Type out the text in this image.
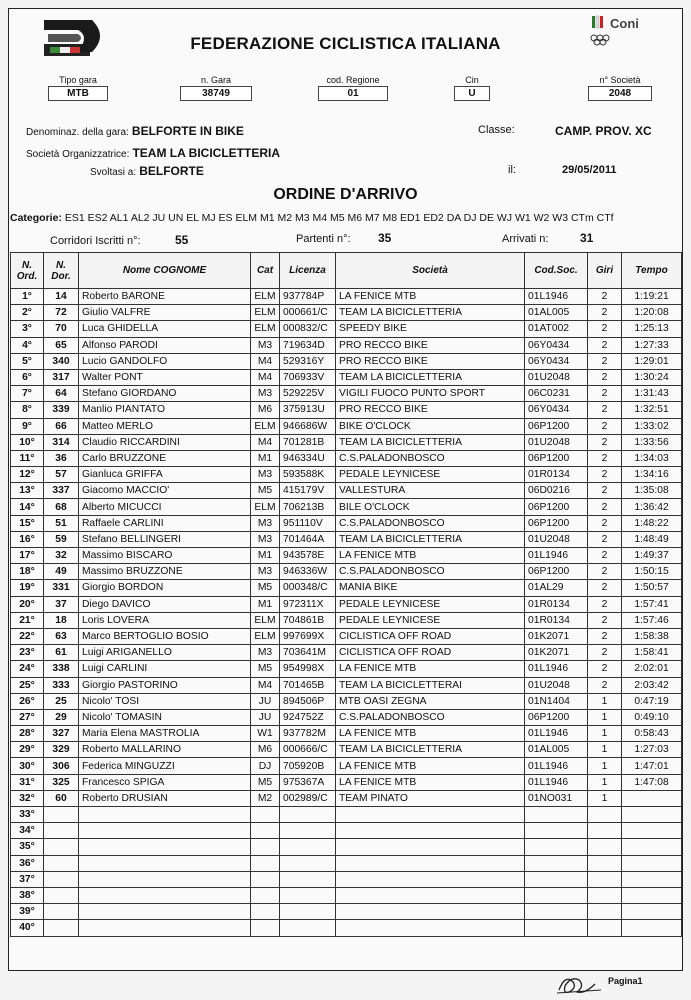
Coni
FEDERAZIONE CICLISTICA ITALIANA
Tipo gara
MTB
n. Gara
38749
cod. Regione
01
Cin
U
n° Società
2048
Denominaz. della gara: BELFORTE IN BIKE	Classe:	CAMP. PROV. XC
Società Organizzatrice: TEAM LA BICICLETTERIA
Svoltasi a: BELFORTE	il:	29/05/2011
ORDINE D'ARRIVO
Categorie: ES1 ES2 AL1 AL2 JU UN EL MJ ES ELM M1 M2 M3 M4 M5 M6 M7 M8 ED1 ED2 DA DJ DE WJ W1 W2 W3 CTm CTf
Corridori Iscritti n°:	55	Partenti n°: 35	Arrivati n:	31
N.
Ord.	N.
Dor.	Nome COGNOME	Cat	Licenza	Società	Cod.Soc.	Giri	Tempo
1°	14	Roberto BARONE	ELM	937784P	LA FENICE MTB	01L1946	2	1:19:21
2°	72	Giulio VALFRE	ELM	000661/C	TEAM LA BICICLETTERIA	01AL005	2	1:20:08
3°	70	Luca GHIDELLA	ELM	000832/C	SPEEDY BIKE	01AT002	2	1:25:13
4°	65	Alfonso PARODI	M3	719634D	PRO RECCO BIKE	06Y0434	2	1:27:33
5°	340	Lucio GANDOLFO	M4	529316Y	PRO RECCO BIKE	06Y0434	2	1:29:01
6°	317	Walter PONT	M4	706933V	TEAM LA BICICLETTERIA	01U2048	2	1:30:24
7°	64	Stefano GIORDANO	M3	529225V	VIGILI FUOCO PUNTO SPORT	06C0231	2	1:31:43
8°	339	Manlio PIANTATO	M6	375913U	PRO RECCO BIKE	06Y0434	2	1:32:51
9°	66	Matteo MERLO	ELM	946686W	BIKE O'CLOCK	06P1200	2	1:33:02
10°	314	Claudio RICCARDINI	M4	701281B	TEAM LA BICICLETTERIA	01U2048	2	1:33:56
11°	36	Carlo BRUZZONE	M1	946334U	C.S.PALADONBOSCO	06P1200	2	1:34:03
12°	57	Gianluca GRIFFA	M3	593588K	PEDALE LEYNICESE	01R0134	2	1:34:16
13°	337	Giacomo MACCIO'	M5	415179V	VALLESTURA	06D0216	2	1:35:08
14°	68	Alberto MICUCCI	ELM	706213B	BILE O'CLOCK	06P1200	2	1:36:42
15°	51	Raffaele CARLINI	M3	951110V	C.S.PALADONBOSCO	06P1200	2	1:48:22
16°	59	Stefano BELLINGERI	M3	701464A	TEAM LA BICICLETTERIA	01U2048	2	1:48:49
17°	32	Massimo BISCARO	M1	943578E	LA FENICE MTB	01L1946	2	1:49:37
18°	49	Massimo BRUZZONE	M3	946336W	C.S.PALADONBOSCO	06P1200	2	1:50:15
19°	331	Giorgio BORDON	M5	000348/C	MANIA BIKE	01AL29	2	1:50:57
20°	37	Diego DAVICO	M1	972311X	PEDALE LEYNICESE	01R0134	2	1:57:41
21°	18	Loris LOVERA	ELM	704861B	PEDALE LEYNICESE	01R0134	2	1:57:46
22°	63	Marco BERTOGLIO BOSIO	ELM	997699X	CICLISTICA OFF ROAD	01K2071	2	1:58:38
23°	61	Luigi ARIGANELLO	M3	703641M	CICLISTICA OFF ROAD	01K2071	2	1:58:41
24°	338	Luigi CARLINI	M5	954998X	LA FENICE MTB	01L1946	2	2:02:01
25°	333	Giorgio PASTORINO	M4	701465B	TEAM LA BICICLETTERAI	01U2048	2	2:03:42
26°	25	Nicolo' TOSI	JU	894506P	MTB OASI ZEGNA	01N1404	1	0:47:19
27°	29	Nicolo' TOMASIN	JU	924752Z	C.S.PALADONBOSCO	06P1200	1	0:49:10
28°	327	Maria Elena MASTROLIA	W1	937782M	LA FENICE MTB	01L1946	1	0:58:43
29°	329	Roberto MALLARINO	M6	000666/C	TEAM LA BICICLETTERIA	01AL005	1	1:27:03
30°	306	Federica MINGUZZI	DJ	705920B	LA FENICE MTB	01L1946	1	1:47:01
31°	325	Francesco SPIGA	M5	975367A	LA FENICE MTB	01L1946	1	1:47:08
32°	60	Roberto DRUSIAN	M2	002989/C	TEAM PINATO	01NO031	1	
33°								
34°								
35°								
36°								
37°								
38°								
39°								
40°								
Pagina1
